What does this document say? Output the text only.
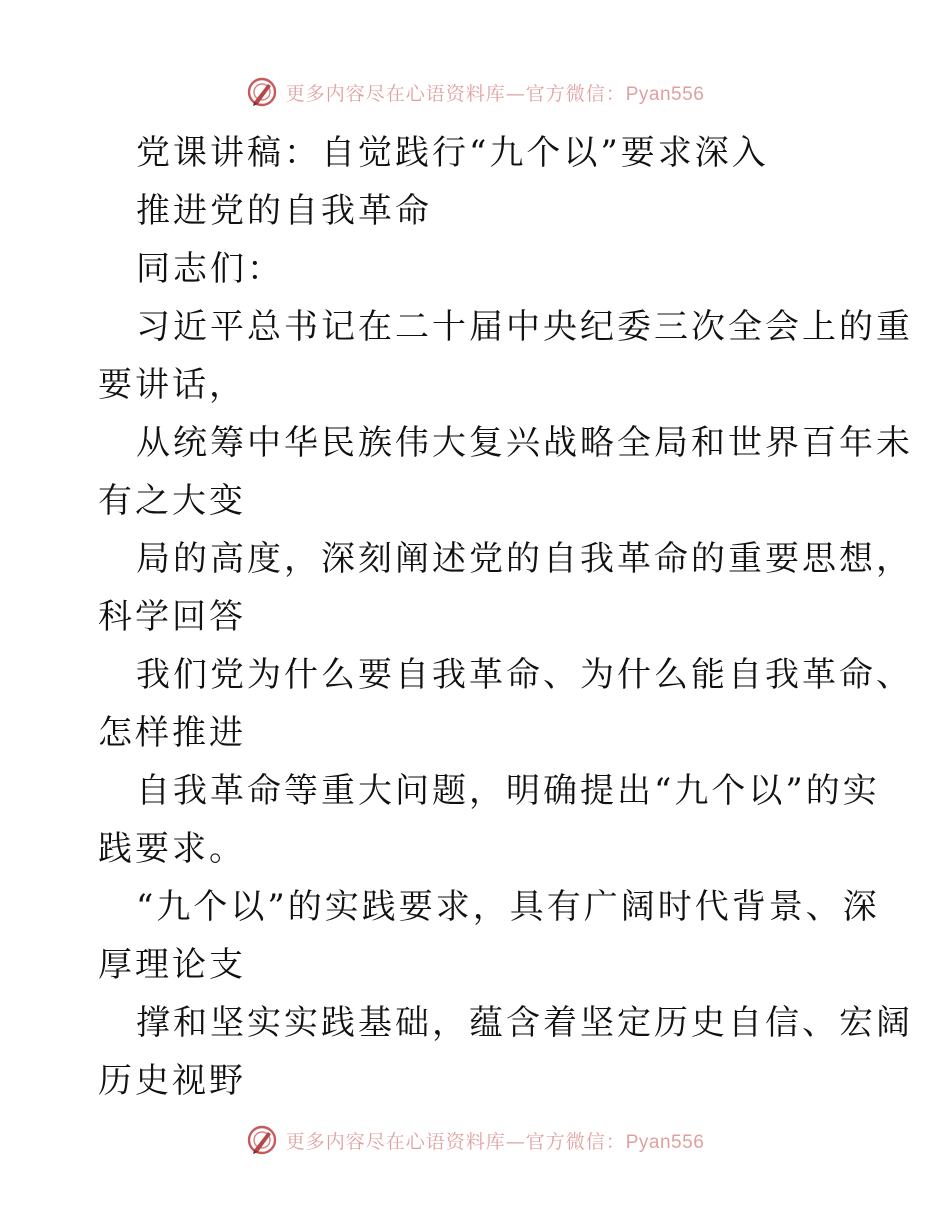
更多内容尽在心语资料库—官方微信：Pyan556
党课讲稿：自觉践行“九个以”要求深入
推进党的自我革命
同志们：
习近平总书记在二十届中央纪委三次全会上的重
要讲话，
从统筹中华民族伟大复兴战略全局和世界百年未
有之大变
局的高度，深刻阐述党的自我革命的重要思想，
科学回答
我们党为什么要自我革命、为什么能自我革命、
怎样推进
自我革命等重大问题，明确提出“九个以”的实
践要求。
“九个以”的实践要求，具有广阔时代背景、深
厚理论支
撑和坚实实践基础，蕴含着坚定历史自信、宏阔
历史视野
更多内容尽在心语资料库—官方微信：Pyan556
